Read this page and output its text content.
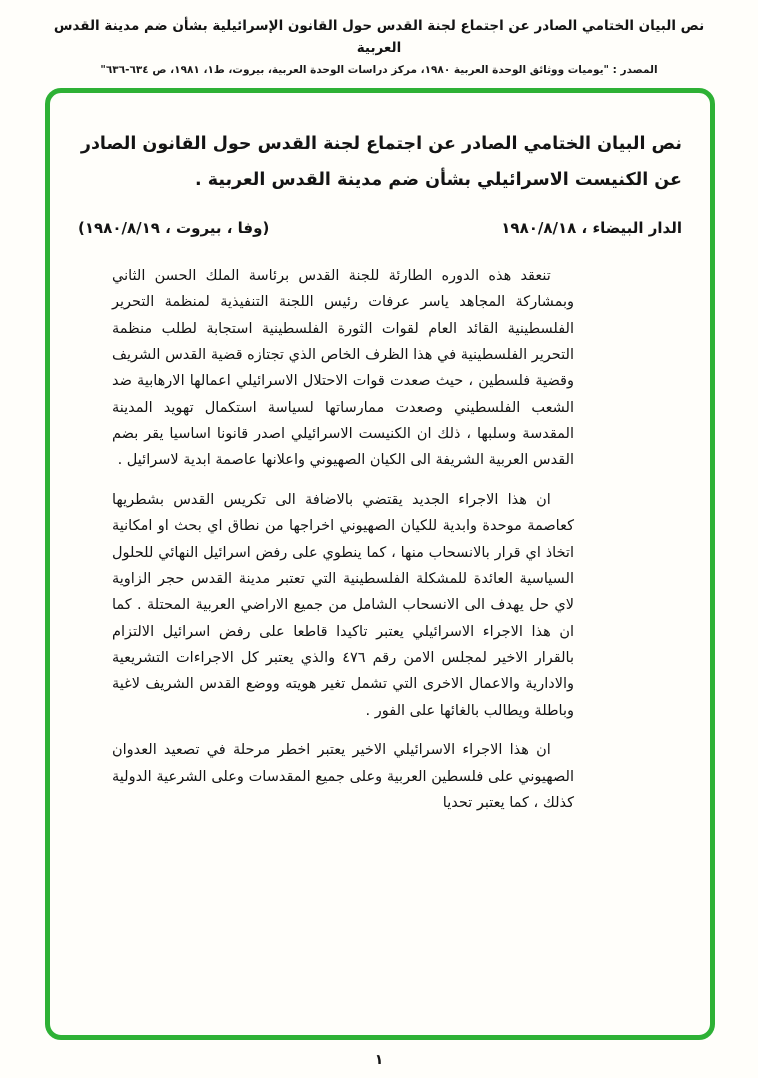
نص البيان الختامي الصادر عن اجتماع لجنة القدس حول القانون الإسرائيلية بشأن ضم مدينة القدس العربية
المصدر : "يوميات ووثائق الوحدة العربية ١٩٨٠، مركز دراسات الوحدة العربية، بيروت، ط١، ١٩٨١، ص ٦٣٤-٦٣٦"
نص البيان الختامي الصادر عن اجتماع لجنة القدس حول القانون الصادر عن الكنيست الاسرائيلي بشأن ضم مدينة القدس العربية .
الدار البيضاء ، ١٩٨٠/٨/١٨
(وفا ، بيروت ، ١٩٨٠/٨/١٩)

تنعقد هذه الدوره الطارئة للجنة القدس برئاسة الملك الحسن الثاني وبمشاركة المجاهد ياسر عرفات رئيس اللجنة التنفيذية لمنظمة التحرير الفلسطينية القائد العام لقوات الثورة الفلسطينية استجابة لطلب منظمة التحرير الفلسطينية في هذا الظرف الخاص الذي تجتازه قضية القدس الشريف وقضية فلسطين ، حيث صعدت قوات الاحتلال الاسرائيلي اعمالها الارهابية ضد الشعب الفلسطيني وصعدت ممارساتها لسياسة استكمال تهويد المدينة المقدسة وسلبها ، ذلك ان الكنيست الاسرائيلي اصدر قانونا اساسيا يقر بضم القدس العربية الشريفة الى الكيان الصهيوني واعلانها عاصمة ابدية لاسرائيل .

ان هذا الاجراء الجديد يقتضي بالاضافة الى تكريس القدس بشطريها كعاصمة موحدة وابدية للكيان الصهيوني اخراجها من نطاق اي بحث او امكانية اتخاذ اي قرار بالانسحاب منها ، كما ينطوي على رفض اسرائيل النهائي للحلول السياسية العائدة للمشكلة الفلسطينية التي تعتبر مدينة القدس حجر الزاوية لاي حل يهدف الى الانسحاب الشامل من جميع الاراضي العربية المحتلة . كما ان هذا الاجراء الاسرائيلي يعتبر تاكيدا قاطعا على رفض اسرائيل الالتزام بالقرار الاخير لمجلس الامن رقم ٤٧٦ والذي يعتبر كل الاجراءات التشريعية والادارية والاعمال الاخرى التي تشمل تغير هويته ووضع القدس الشريف لاغية وباطلة ويطالب بالغائها على الفور .

ان هذا الاجراء الاسرائيلي الاخير يعتبر اخطر مرحلة في تصعيد العدوان الصهيوني على فلسطين العربية وعلى جميع المقدسات وعلى الشرعية الدولية كذلك ، كما يعتبر تحديا

١
